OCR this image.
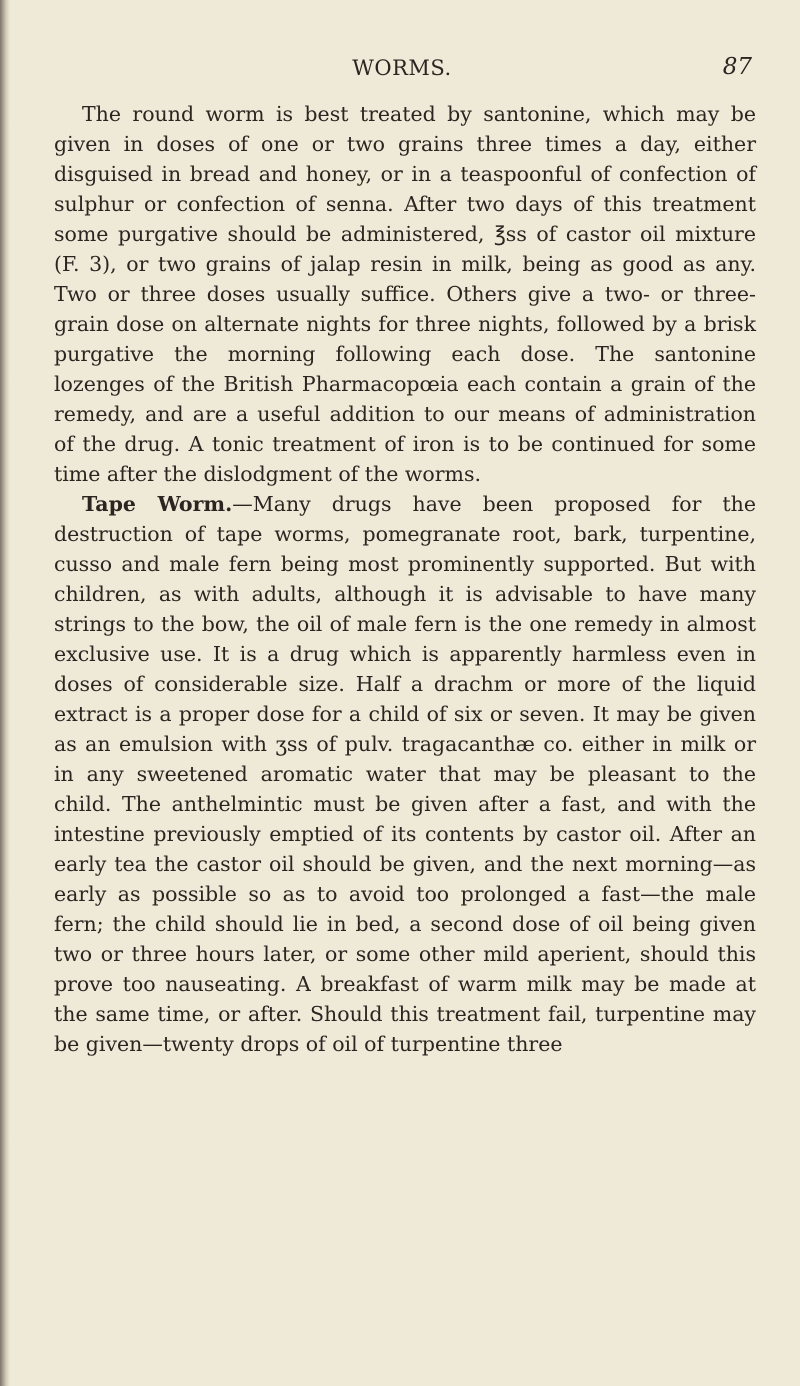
WORMS.	87

The round worm is best treated by santonine, which may be given in doses of one or two grains three times a day, either disguised in bread and honey, or in a teaspoonful of confection of sulphur or confection of senna. After two days of this treatment some purgative should be administered, ℥ss of castor oil mixture (F. 3), or two grains of jalap resin in milk, being as good as any. Two or three doses usually suffice. Others give a two- or three-grain dose on alternate nights for three nights, followed by a brisk purgative the morning following each dose. The santonine lozenges of the British Pharmacopœia each contain a grain of the remedy, and are a useful addition to our means of administration of the drug. A tonic treatment of iron is to be continued for some time after the dislodgment of the worms.

Tape Worm.—Many drugs have been proposed for the destruction of tape worms, pomegranate root, bark, turpentine, cusso and male fern being most prominently supported. But with children, as with adults, although it is advisable to have many strings to the bow, the oil of male fern is the one remedy in almost exclusive use. It is a drug which is apparently harmless even in doses of considerable size. Half a drachm or more of the liquid extract is a proper dose for a child of six or seven. It may be given as an emulsion with ʒss of pulv. tragacanthæ co. either in milk or in any sweetened aromatic water that may be pleasant to the child. The anthelmintic must be given after a fast, and with the intestine previously emptied of its contents by castor oil. After an early tea the castor oil should be given, and the next morning—as early as possible so as to avoid too prolonged a fast—the male fern; the child should lie in bed, a second dose of oil being given two or three hours later, or some other mild aperient, should this prove too nauseating. A breakfast of warm milk may be made at the same time, or after. Should this treatment fail, turpentine may be given—twenty drops of oil of turpentine three
